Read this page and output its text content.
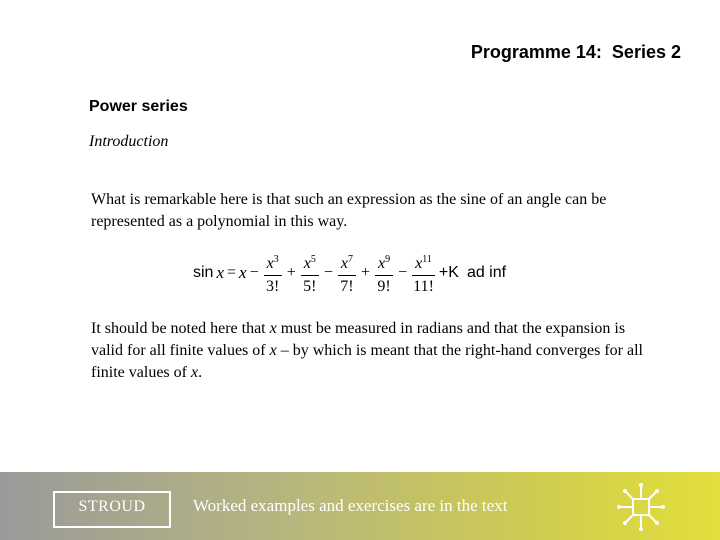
Programme 14:  Series 2
Power series
Introduction
What is remarkable here is that such an expression as the sine of an angle can be represented as a polynomial in this way.
$\sin x = x - \frac{x^3}{3!} + \frac{x^5}{5!} - \frac{x^7}{7!} + \frac{x^9}{9!} - \frac{x^{11}}{11!} +K$ ad inf
It should be noted here that x must be measured in radians and that the expansion is valid for all finite values of x – by which is meant that the right-hand converges for all finite values of x.
STROUD	Worked examples and exercises are in the text
